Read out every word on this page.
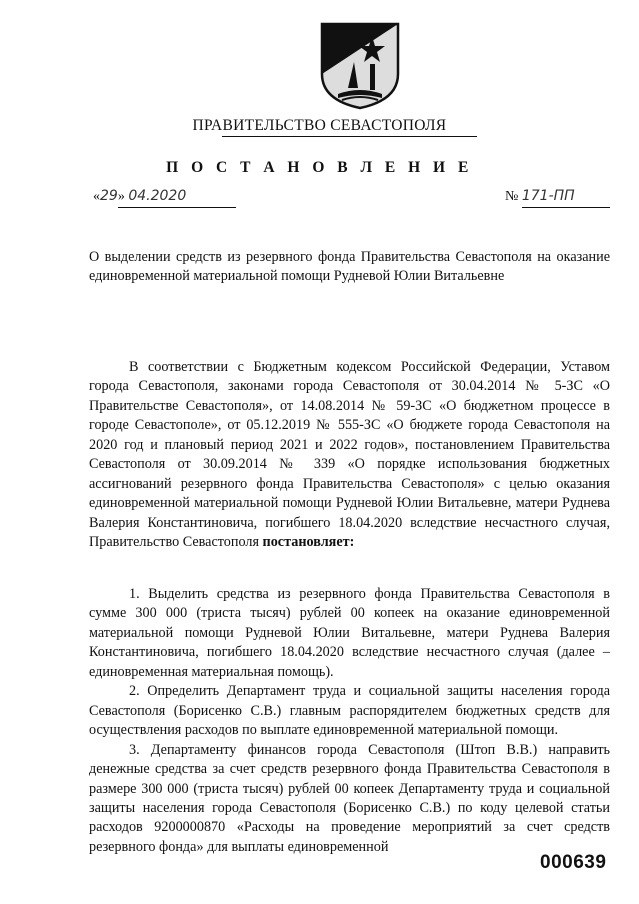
ПРАВИТЕЛЬСТВО СЕВАСТОПОЛЯ
П О С Т А Н О В Л Е Н И Е
«29» 04.2020	№ 171-ПП
О выделении средств из резервного фонда Правительства Севастополя на оказание единовременной материальной помощи Рудневой Юлии Витальевне

В соответствии с Бюджетным кодексом Российской Федерации, Уставом города Севастополя, законами города Севастополя от 30.04.2014 № 5-ЗС «О Правительстве Севастополя», от 14.08.2014 № 59-ЗС «О бюджетном процессе в городе Севастополе», от 05.12.2019 № 555-ЗС «О бюджете города Севастополя на 2020 год и плановый период 2021 и 2022 годов», постановлением Правительства Севастополя от 30.09.2014 № 339 «О порядке использования бюджетных ассигнований резервного фонда Правительства Севастополя» с целью оказания единовременной материальной помощи Рудневой Юлии Витальевне, матери Руднева Валерия Константиновича, погибшего 18.04.2020 вследствие несчастного случая, Правительство Севастополя постановляет:

1. Выделить средства из резервного фонда Правительства Севастополя в сумме 300 000 (триста тысяч) рублей 00 копеек на оказание единовременной материальной помощи Рудневой Юлии Витальевне, матери Руднева Валерия Константиновича, погибшего 18.04.2020 вследствие несчастного случая (далее – единовременная материальная помощь).

2. Определить Департамент труда и социальной защиты населения города Севастополя (Борисенко С.В.) главным распорядителем бюджетных средств для осуществления расходов по выплате единовременной материальной помощи.

3. Департаменту финансов города Севастополя (Штоп В.В.) направить денежные средства за счет средств резервного фонда Правительства Севастополя в размере 300 000 (триста тысяч) рублей 00 копеек Департаменту труда и социальной защиты населения города Севастополя (Борисенко С.В.) по коду целевой статьи расходов 9200000870 «Расходы на проведение мероприятий за счет средств резервного фонда» для выплаты единовременной

000639
